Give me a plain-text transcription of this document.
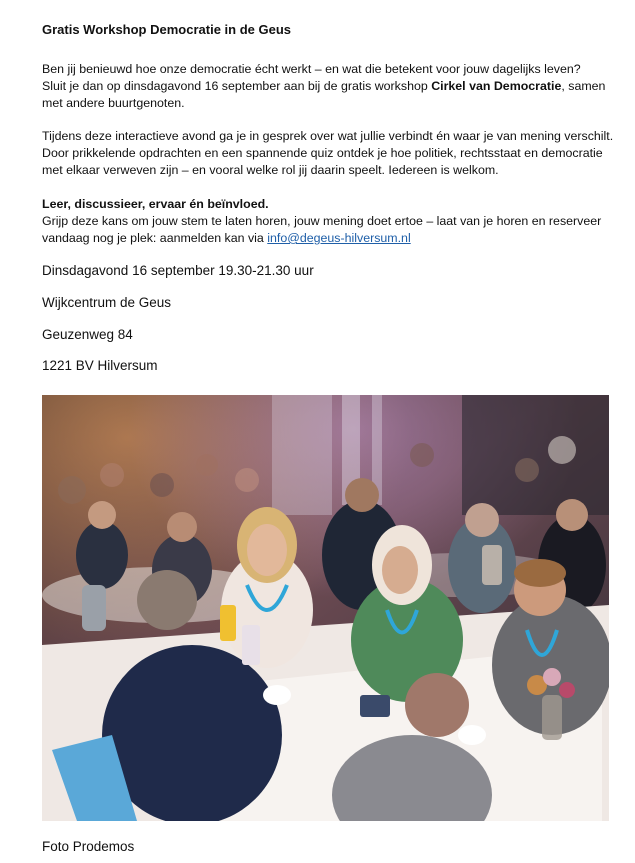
Gratis Workshop Democratie in de Geus
Ben jij benieuwd hoe onze democratie écht werkt – en wat die betekent voor jouw dagelijks leven?
Sluit je dan op dinsdagavond 16 september aan bij de gratis workshop Cirkel van Democratie, samen met andere buurtgenoten.
Tijdens deze interactieve avond ga je in gesprek over wat jullie verbindt én waar je van mening verschilt. Door prikkelende opdrachten en een spannende quiz ontdek je hoe politiek, rechtsstaat en democratie met elkaar verweven zijn – en vooral welke rol jij daarin speelt. Iedereen is welkom.
Leer, discussieer, ervaar én beïnvloed.
Grijp deze kans om jouw stem te laten horen, jouw mening doet ertoe – laat van je horen en reserveer vandaag nog je plek: aanmelden kan via info@degeus-hilversum.nl
Dinsdagavond 16 september 19.30-21.30 uur
Wijkcentrum de Geus
Geuzenweg 84
1221 BV Hilversum
Foto Prodemos
